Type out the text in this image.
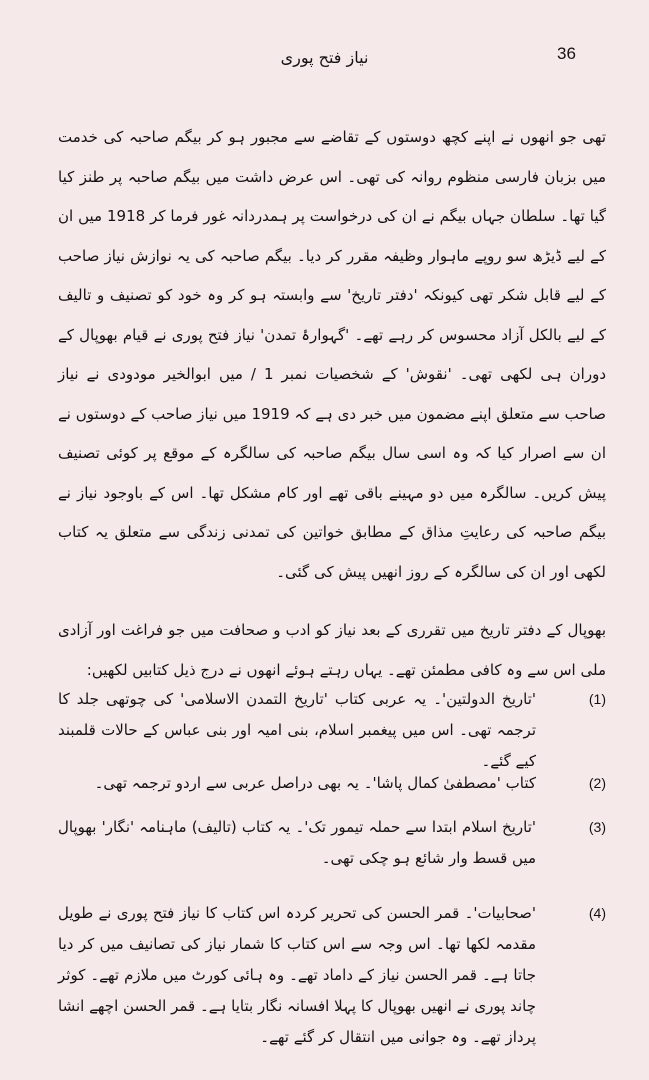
36
نیاز فتح پوری

تھی جو انھوں نے اپنے کچھ دوستوں کے تقاضے سے مجبور ہو کر بیگم صاحبہ کی خدمت میں بزبان فارسی منظوم روانہ کی تھی۔ اس عرض داشت میں بیگم صاحبہ پر طنز کیا گیا تھا۔ سلطان جہاں بیگم نے ان کی درخواست پر ہمدردانہ غور فرما کر 1918 میں ان کے لیے ڈیڑھ سو روپے ماہوار وظیفہ مقرر کر دیا۔ بیگم صاحبہ کی یہ نوازش نیاز صاحب کے لیے قابل شکر تھی کیونکہ 'دفتر تاریخ' سے وابستہ ہو کر وہ خود کو تصنیف و تالیف کے لیے بالکل آزاد محسوس کر رہے تھے۔ 'گہوارۂ تمدن' نیاز فتح پوری نے قیام بھوپال کے دوران ہی لکھی تھی۔ 'نقوش' کے شخصیات نمبر 1 / میں ابوالخیر مودودی نے نیاز صاحب سے متعلق اپنے مضمون میں خبر دی ہے کہ 1919 میں نیاز صاحب کے دوستوں نے ان سے اصرار کیا کہ وہ اسی سال بیگم صاحبہ کی سالگرہ کے موقع پر کوئی تصنیف پیش کریں۔ سالگرہ میں دو مہینے باقی تھے اور کام مشکل تھا۔ اس کے باوجود نیاز نے بیگم صاحبہ کی رعایتِ مذاق کے مطابق خواتین کی تمدنی زندگی سے متعلق یہ کتاب لکھی اور ان کی سالگرہ کے روز انھیں پیش کی گئی۔

بھوپال کے دفتر تاریخ میں تقرری کے بعد نیاز کو ادب و صحافت میں جو فراغت اور آزادی ملی اس سے وہ کافی مطمئن تھے۔ یہاں رہتے ہوئے انھوں نے درج ذیل کتابیں لکھیں:

(1)
'تاریخ الدولتین'۔ یہ عربی کتاب 'تاریخ التمدن الاسلامی' کی چوتھی جلد کا ترجمہ تھی۔ اس میں پیغمبر اسلام، بنی امیہ اور بنی عباس کے حالات قلمبند کیے گئے۔
(2)
کتاب 'مصطفیٰ کمال پاشا'۔ یہ بھی دراصل عربی سے اردو ترجمہ تھی۔
(3)
'تاریخ اسلام ابتدا سے حملہ تیمور تک'۔ یہ کتاب (تالیف) ماہنامہ 'نگار' بھوپال میں قسط وار شائع ہو چکی تھی۔
(4)
'صحابیات'۔ قمر الحسن کی تحریر کردہ اس کتاب کا نیاز فتح پوری نے طویل مقدمہ لکھا تھا۔ اس وجہ سے اس کتاب کا شمار نیاز کی تصانیف میں کر دیا جاتا ہے۔ قمر الحسن نیاز کے داماد تھے۔ وہ ہائی کورٹ میں ملازم تھے۔ کوثر چاند پوری نے انھیں بھوپال کا پہلا افسانہ نگار بتایا ہے۔ قمر الحسن اچھے انشا پرداز تھے۔ وہ جوانی میں انتقال کر گئے تھے۔
